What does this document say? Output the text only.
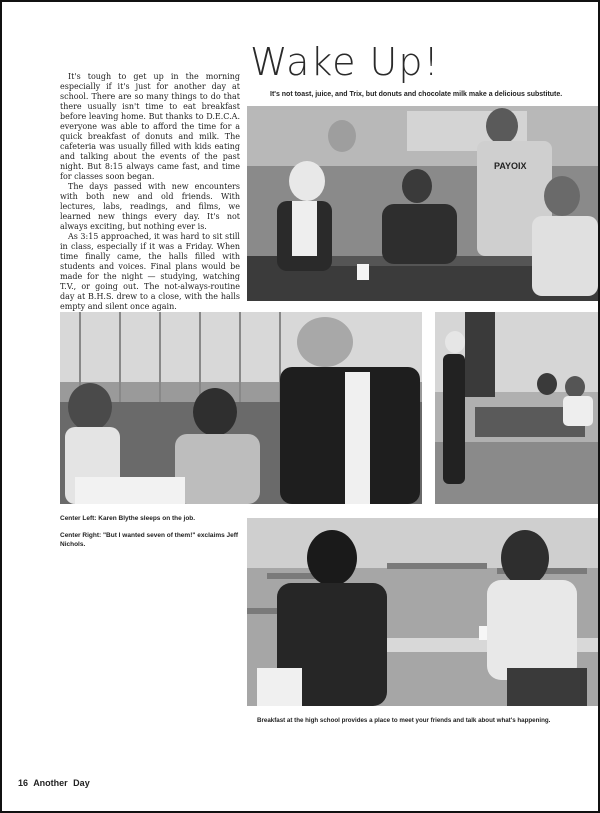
Wake Up!
It's not toast, juice, and Trix, but donuts and chocolate milk make a delicious substitute.

It's tough to get up in the morning especially if it's just for another day at school. There are so many things to do that there usually isn't time to eat breakfast before leaving home. But thanks to D.E.C.A. everyone was able to afford the time for a quick breakfast of donuts and milk. The cafeteria was usually filled with kids eating and talking about the events of the past night. But 8:15 always came fast, and time for classes soon began.

The days passed with new encounters with both new and old friends. With lectures, labs, readings, and films, we learned new things every day. It's not always exciting, but nothing ever is.

As 3:15 approached, it was hard to sit still in class, especially if it was a Friday. When time finally came, the halls filled with students and voices. Final plans would be made for the night — studying, watching T.V., or going out. The not-always-routine day at B.H.S. drew to a close, with the halls empty and silent once again.

PAYOIX
Center Left: Karen Blythe sleeps on the job.
Center Right: "But I wanted seven of them!" exclaims Jeff Nichols.
Breakfast at the high school provides a place to meet your friends and talk about what's happening.
16 Another Day
